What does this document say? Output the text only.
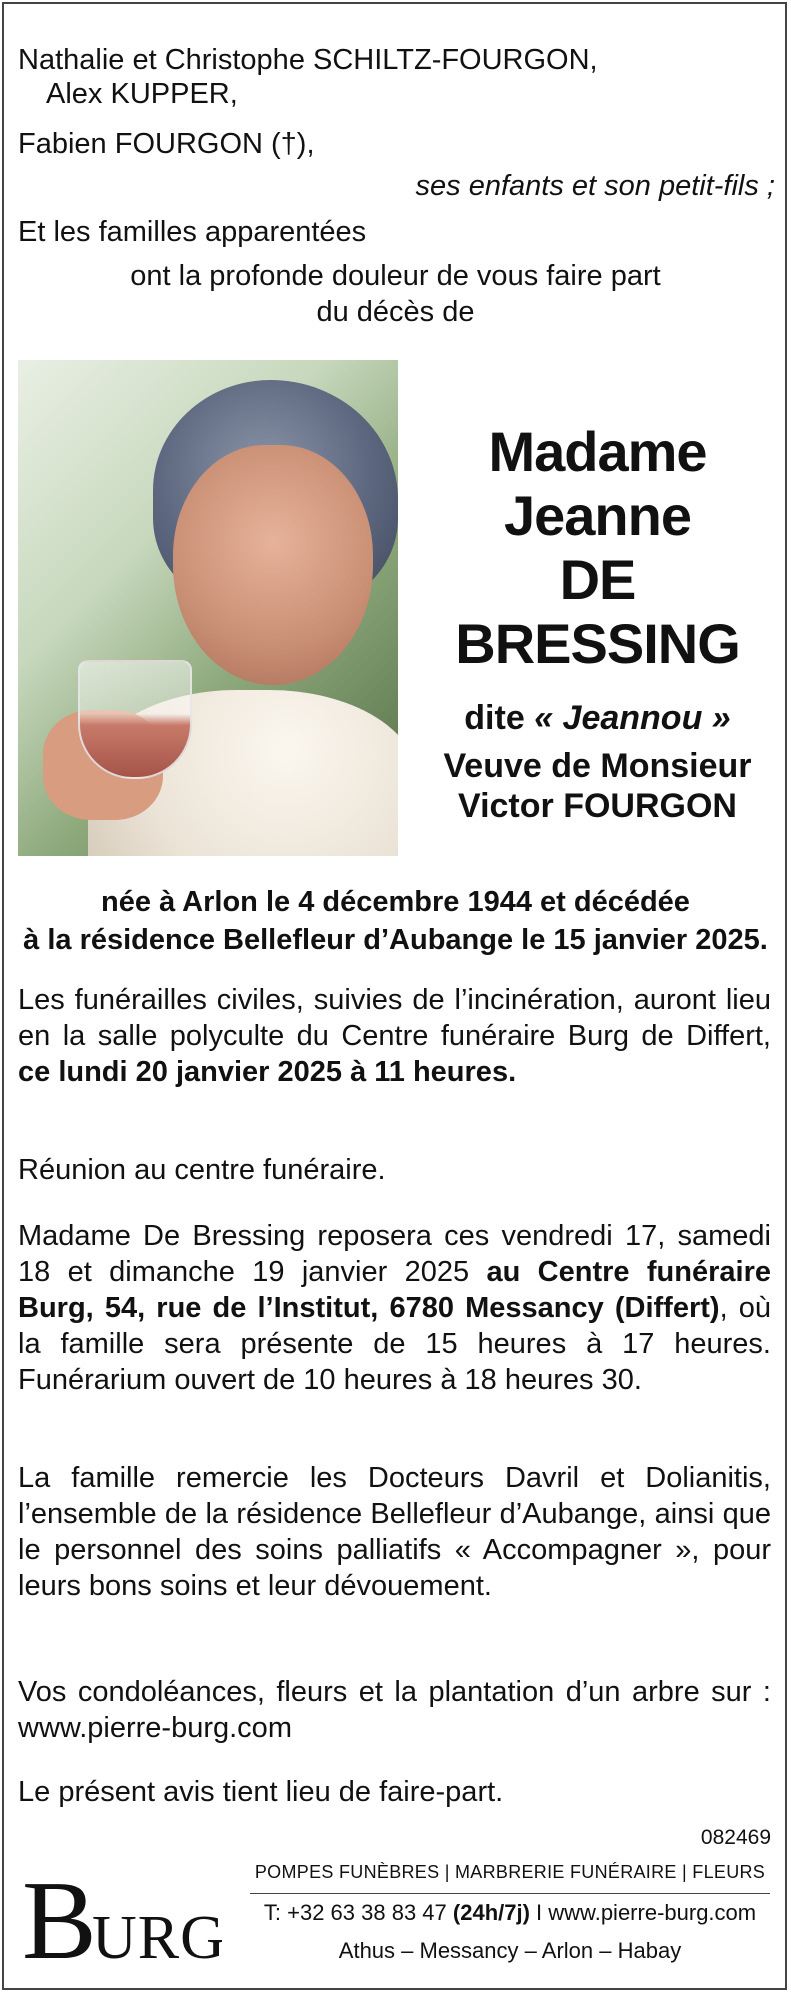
Nathalie et Christophe SCHILTZ-FOURGON,
Alex KUPPER,
Fabien FOURGON (†),
ses enfants et son petit-fils ;
Et les familles apparentées
ont la profonde douleur de vous faire part
du décès de
Madame
Jeanne
DE BRESSING
dite « Jeannou »
Veuve de Monsieur
Victor FOURGON
née à Arlon le 4 décembre 1944 et décédée
à la résidence Bellefleur d’Aubange le 15 janvier 2025.
Les funérailles civiles, suivies de l’incinération, auront lieu en la salle polyculte du Centre funéraire Burg de Differt, ce lundi 20 janvier 2025 à 11 heures.
Réunion au centre funéraire.
Madame De Bressing reposera ces vendredi 17, samedi 18 et dimanche 19 janvier 2025 au Centre funéraire Burg, 54, rue de l’Institut, 6780 Messancy (Differt), où la famille sera présente de 15 heures à 17 heures. Funérarium ouvert de 10 heures à 18 heures 30.
La famille remercie les Docteurs Davril et Dolianitis, l’ensemble de la résidence Bellefleur d’Aubange, ainsi que le personnel des soins palliatifs « Accompagner », pour leurs bons soins et leur dévouement.
Vos condoléances, fleurs et la plantation d’un arbre sur : www.pierre-burg.com
Le présent avis tient lieu de faire-part.
082469
B
URG
POMPES FUNÈBRES | MARBRERIE FUNÉRAIRE | FLEURS
T: +32 63 38 83 47 (24h/7j) I www.pierre-burg.com
Athus – Messancy – Arlon – Habay
